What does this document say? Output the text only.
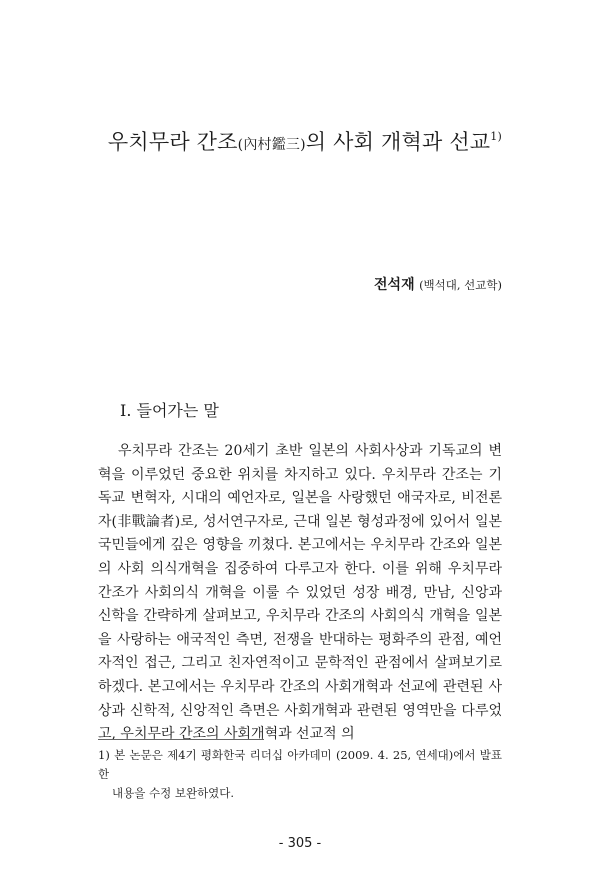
우치무라 간조(內村鑑三)의 사회 개혁과 선교$^{1)}$
전석재 (백석대, 선교학)
I. 들어가는 말
우치무라 간조는 20세기 초반 일본의 사회사상과 기독교의 변혁을 이루었던 중요한 위치를 차지하고 있다. 우치무라 간조는 기독교 변혁자, 시대의 예언자로, 일본을 사랑했던 애국자로, 비전론자(非戰論者)로, 성서연구자로, 근대 일본 형성과정에 있어서 일본 국민들에게 깊은 영향을 끼쳤다. 본고에서는 우치무라 간조와 일본의 사회 의식개혁을 집중하여 다루고자 한다. 이를 위해 우치무라 간조가 사회의식 개혁을 이룰 수 있었던 성장 배경, 만남, 신앙과 신학을 간략하게 살펴보고, 우치무라 간조의 사회의식 개혁을 일본을 사랑하는 애국적인 측면, 전쟁을 반대하는 평화주의 관점, 예언자적인 접근, 그리고 친자연적이고 문학적인 관점에서 살펴보기로 하겠다. 본고에서는 우치무라 간조의 사회개혁과 선교에 관련된 사상과 신학적, 신앙적인 측면은 사회개혁과 관련된 영역만을 다루었고, 우치무라 간조의 사회개혁과 선교적 의
1) 본 논문은 제4기 평화한국 리더십 아카데미 (2009. 4. 25, 연세대)에서 발표한
내용을 수정 보완하였다.
- 305 -
